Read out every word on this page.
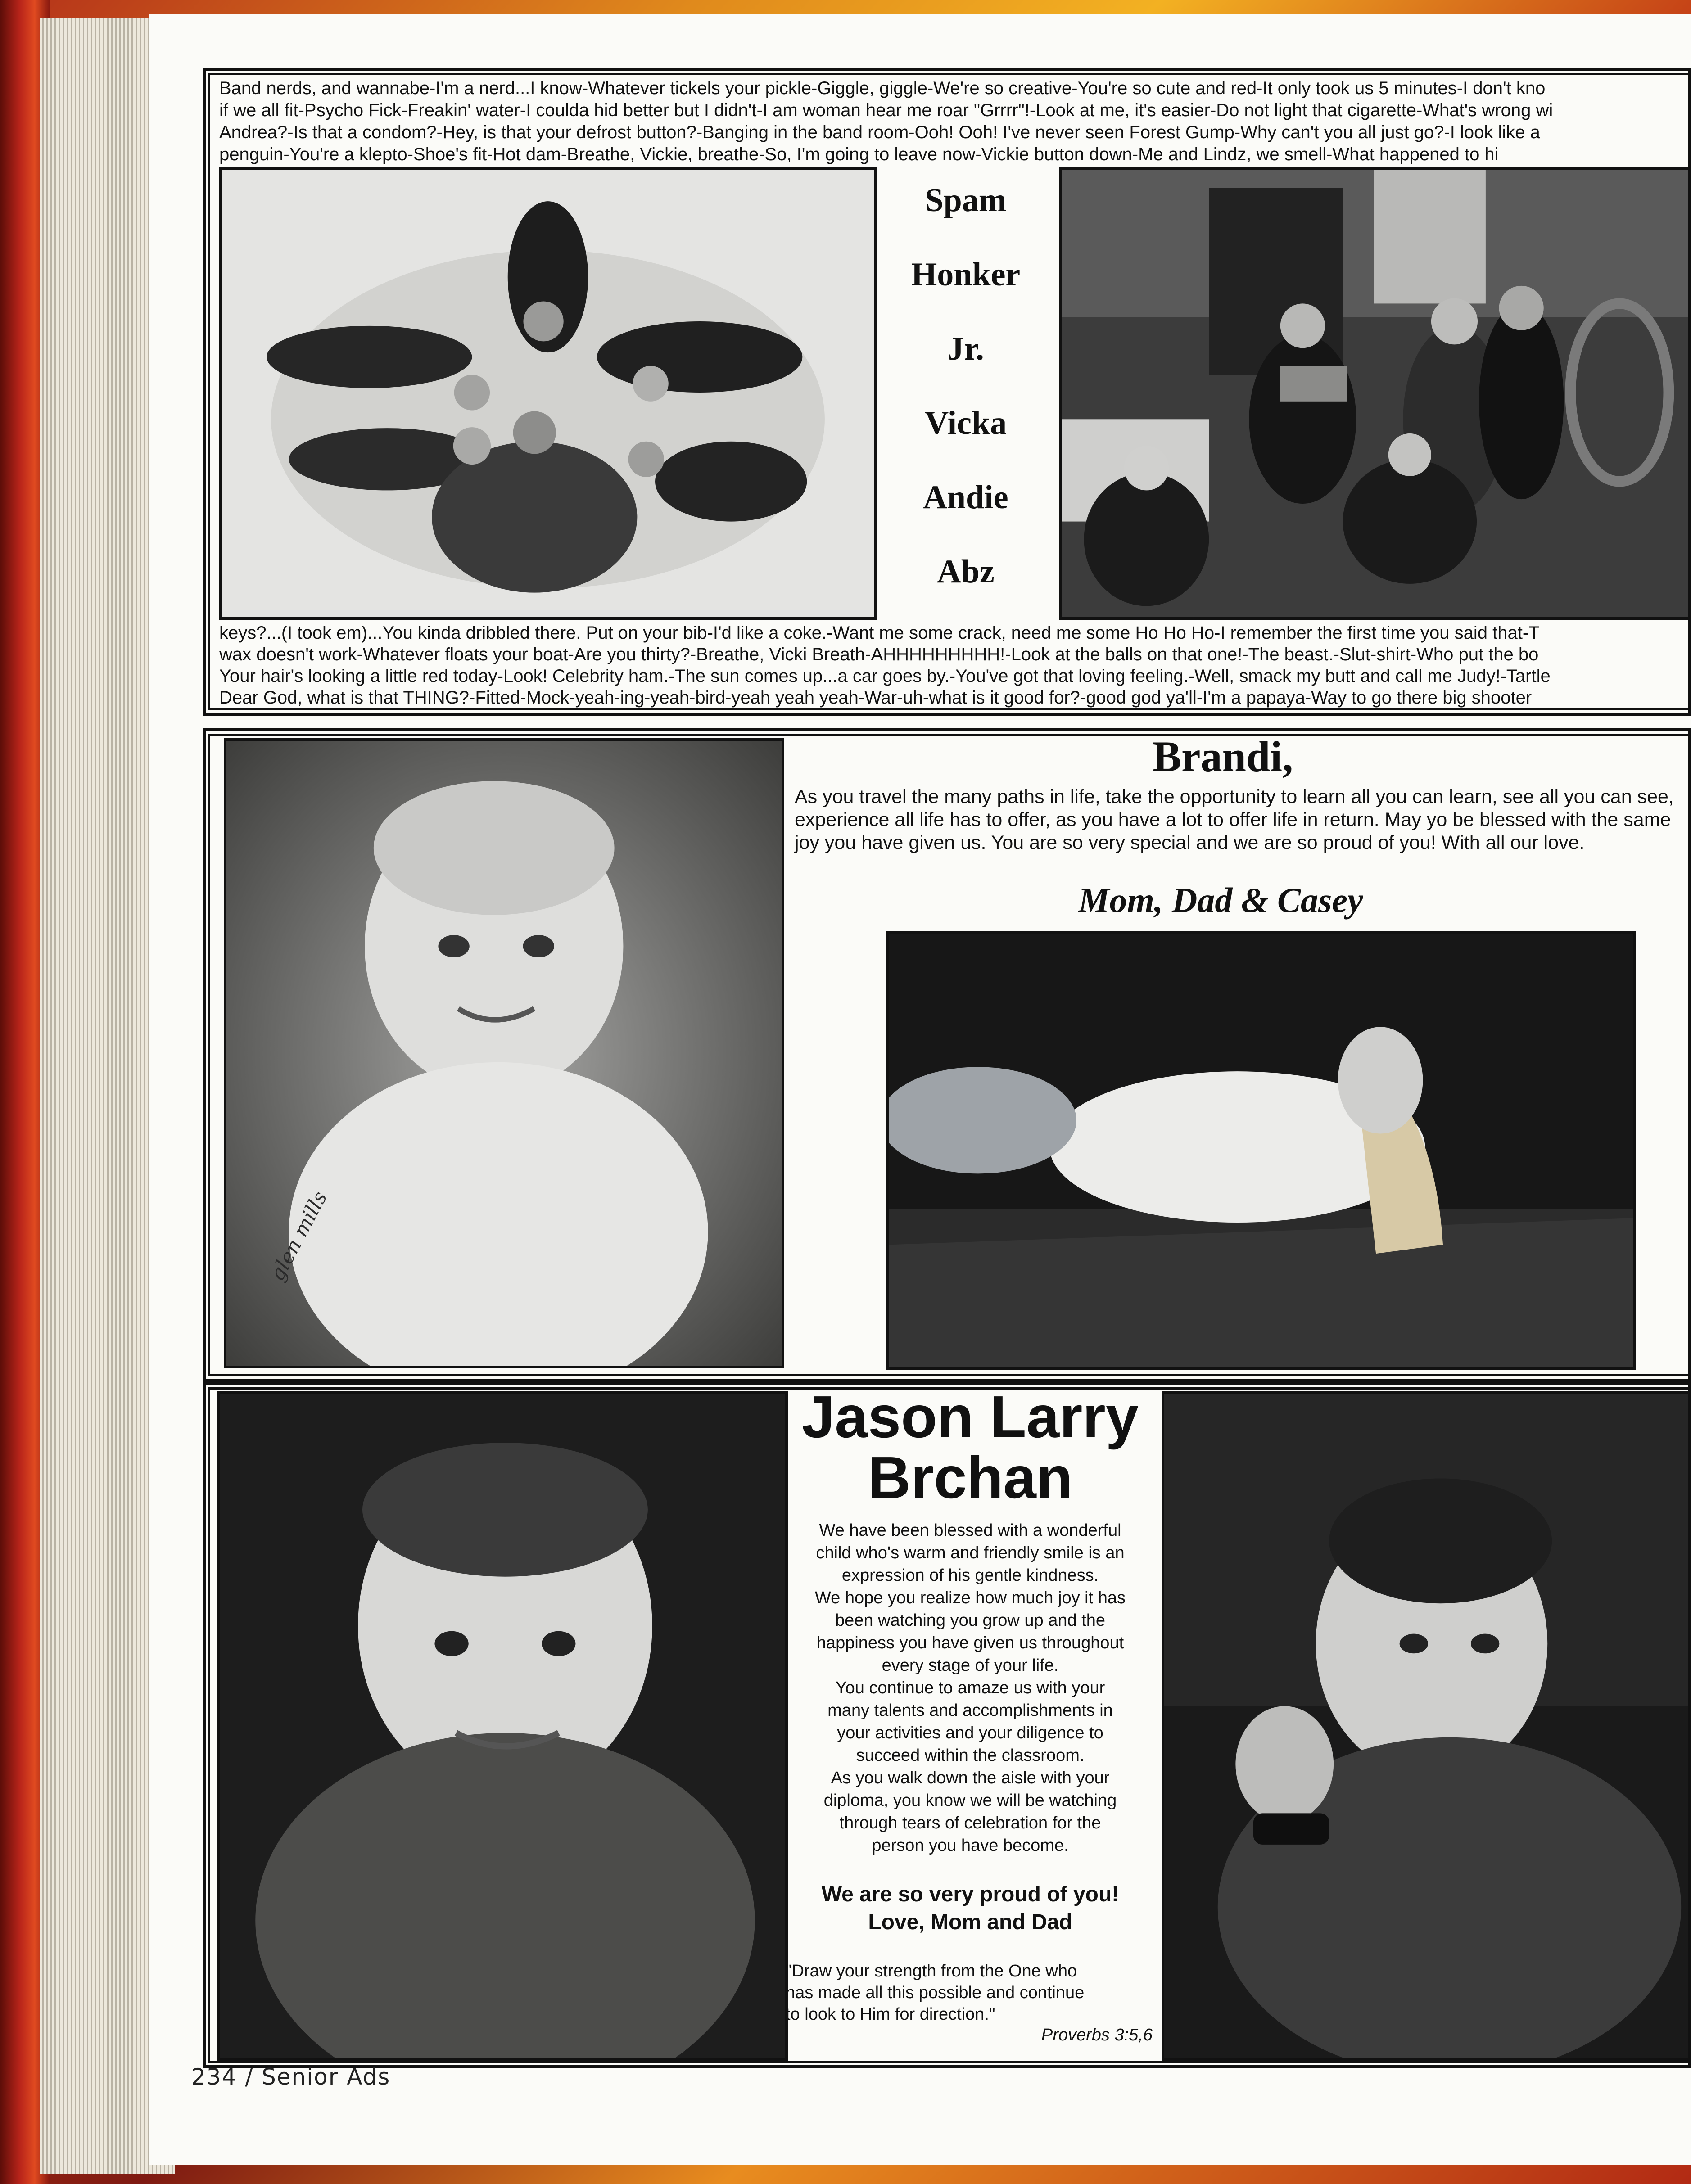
Band nerds, and wannabe-I'm a nerd...I know-Whatever tickels your pickle-Giggle, giggle-We're so creative-You're so cute and red-It only took us 5 minutes-I don't kno
if we all fit-Psycho Fick-Freakin' water-I coulda hid better but I didn't-I am woman hear me roar "Grrrr"!-Look at me, it's easier-Do not light that cigarette-What's wrong wi
Andrea?-Is that a condom?-Hey, is that your defrost button?-Banging in the band room-Ooh! Ooh! I've never seen Forest Gump-Why can't you all just go?-I look like a
penguin-You're a klepto-Shoe's fit-Hot dam-Breathe, Vickie, breathe-So, I'm going to leave now-Vickie button down-Me and Lindz, we smell-What happened to hi
Spam
Honker
Jr.
Vicka
Andie
Abz
keys?...(I took em)...You kinda dribbled there. Put on your bib-I'd like a coke.-Want me some crack, need me some Ho Ho Ho-I remember the first time you said that-T
wax doesn't work-Whatever floats your boat-Are you thirty?-Breathe, Vicki Breath-AHHHHHHHHH!-Look at the balls on that one!-The beast.-Slut-shirt-Who put the bo
Your hair's looking a little red today-Look! Celebrity ham.-The sun comes up...a car goes by.-You've got that loving feeling.-Well, smack my butt and call me Judy!-Tartle
Dear God, what is that THING?-Fitted-Mock-yeah-ing-yeah-bird-yeah yeah yeah-War-uh-what is it good for?-good god ya'll-I'm a papaya-Way to go there big shooter
glen mills
Brandi,
As you travel the many paths in life, take the opportunity to learn all you can learn, see all you can see, experience all life has to offer, as you have a lot to offer life in return. May yo be blessed with the same joy you have given us. You are so very special and we are so proud of you! With all our love.
Mom, Dad & Casey
Jason Larry
Brchan
We have been blessed with a wonderful
child who's warm and friendly smile is an
expression of his gentle kindness.
We hope you realize how much joy it has
been watching you grow up and the
happiness you have given us throughout
every stage of your life.
You continue to amaze us with your
many talents and accomplishments in
your activities and your diligence to
succeed within the classroom.
As you walk down the aisle with your
diploma, you know we will be watching
through tears of celebration for the
person you have become.
We are so very proud of you!
Love, Mom and Dad
"Draw your strength from the One who
has made all this possible and continue
to look to Him for direction."
Proverbs 3:5,6
234 / Senior Ads
